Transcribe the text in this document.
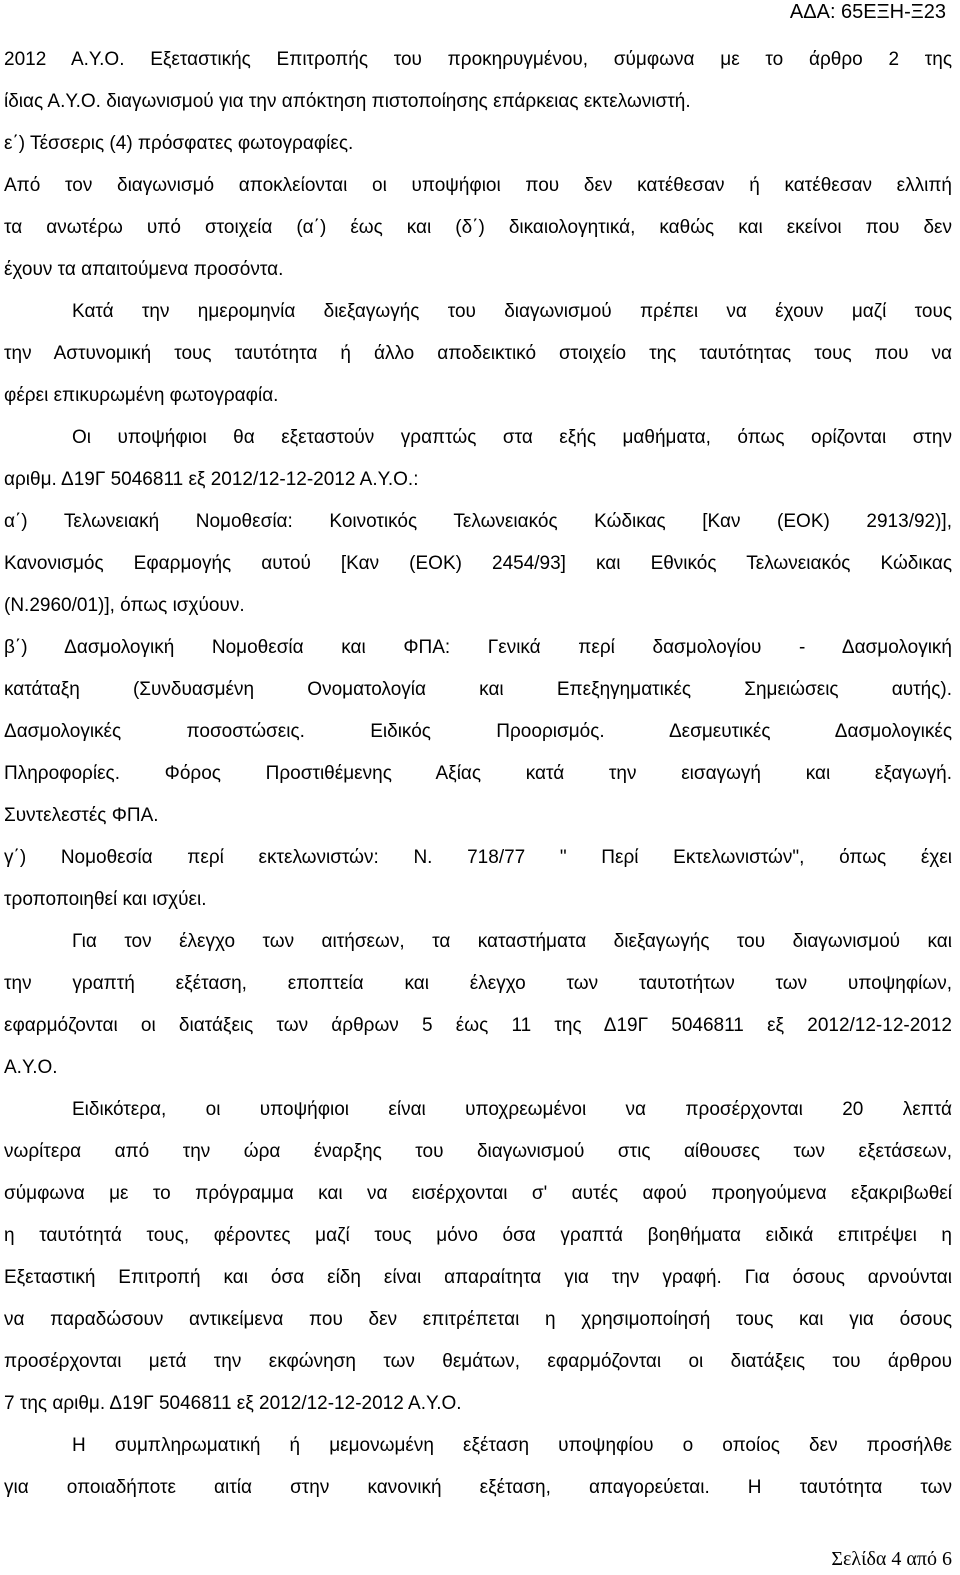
ΑΔΑ: 65ΕΞΗ-Ξ23
2012 Α.Υ.Ο. Εξεταστικής Επιτροπής του προκηρυγμένου, σύμφωνα με το άρθρο 2 της
ίδιας Α.Υ.Ο. διαγωνισμού για την απόκτηση πιστοποίησης επάρκειας εκτελωνιστή.
ε΄) Τέσσερις (4) πρόσφατες φωτογραφίες.
Από τον διαγωνισμό αποκλείονται οι υποψήφιοι που δεν κατέθεσαν ή κατέθεσαν ελλιπή
τα ανωτέρω υπό στοιχεία (α΄) έως και (δ΄) δικαιολογητικά, καθώς και εκείνοι που δεν
έχουν τα απαιτούμενα προσόντα.
Κατά την ημερομηνία διεξαγωγής του διαγωνισμού πρέπει να έχουν μαζί τους
την Αστυνομική τους ταυτότητα ή άλλο αποδεικτικό στοιχείο της ταυτότητας τους που να
φέρει επικυρωμένη φωτογραφία.
Οι υποψήφιοι θα εξεταστούν γραπτώς στα εξής μαθήματα, όπως ορίζονται στην
αριθμ. Δ19Γ 5046811 εξ 2012/12-12-2012 Α.Υ.Ο.:
α΄) Τελωνειακή Νομοθεσία: Κοινοτικός Τελωνειακός Κώδικας [Καν (ΕΟΚ) 2913/92)],
Κανονισμός Εφαρμογής αυτού [Καν (ΕΟΚ) 2454/93] και Εθνικός Τελωνειακός Κώδικας
(Ν.2960/01)], όπως ισχύουν.
β΄) Δασμολογική Νομοθεσία και ΦΠΑ: Γενικά περί δασμολογίου - Δασμολογική
κατάταξη (Συνδυασμένη Ονοματολογία και Επεξηγηματικές Σημειώσεις αυτής).
Δασμολογικές ποσοστώσεις. Ειδικός Προορισμός. Δεσμευτικές Δασμολογικές
Πληροφορίες. Φόρος Προστιθέμενης Αξίας κατά την εισαγωγή και εξαγωγή.
Συντελεστές ΦΠΑ.
γ΄) Νομοθεσία περί εκτελωνιστών: Ν. 718/77 " Περί Εκτελωνιστών", όπως έχει
τροποποιηθεί και ισχύει.
Για τον έλεγχο των αιτήσεων, τα καταστήματα διεξαγωγής του διαγωνισμού και
την γραπτή εξέταση, εποπτεία και έλεγχο των ταυτοτήτων των υποψηφίων,
εφαρμόζονται οι διατάξεις των άρθρων 5 έως 11 της Δ19Γ 5046811 εξ 2012/12-12-2012
Α.Υ.Ο.
Ειδικότερα, οι υποψήφιοι είναι υποχρεωμένοι να προσέρχονται 20 λεπτά
νωρίτερα από την ώρα έναρξης του διαγωνισμού στις αίθουσες των εξετάσεων,
σύμφωνα με το πρόγραμμα και να εισέρχονται σ' αυτές αφού προηγούμενα εξακριβωθεί
η ταυτότητά τους, φέροντες μαζί τους μόνο όσα γραπτά βοηθήματα ειδικά επιτρέψει η
Εξεταστική Επιτροπή και όσα είδη είναι απαραίτητα για την γραφή. Για όσους αρνούνται
να παραδώσουν αντικείμενα που δεν επιτρέπεται η χρησιμοποίησή τους και για όσους
προσέρχονται μετά την εκφώνηση των θεμάτων, εφαρμόζονται οι διατάξεις του άρθρου
7 της αριθμ. Δ19Γ 5046811 εξ 2012/12-12-2012 Α.Υ.Ο.
Η συμπληρωματική ή μεμονωμένη εξέταση υποψηφίου ο οποίος δεν προσήλθε
για οποιαδήποτε αιτία στην κανονική εξέταση, απαγορεύεται. Η ταυτότητα των
Σελίδα 4 από 6
